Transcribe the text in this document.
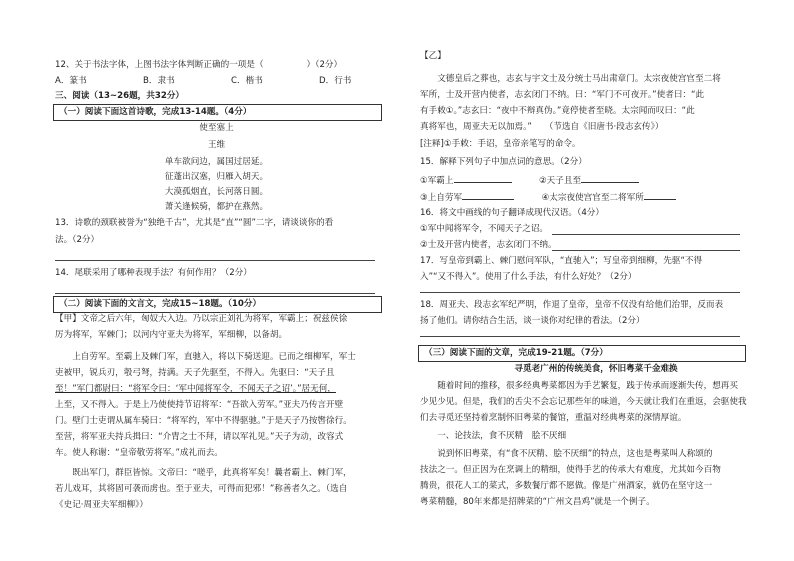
12、关于书法字体，上图书法字体判断正确的一项是（　　　　　）（2分）
A．篆书	B．隶书	C．楷书	D．行书
三、阅读（13~26题，共32分）
（一）阅读下面这首诗歌，完成13-14题。（4分）
使至塞上
王维
单车欲问边，属国过居延。
征蓬出汉塞，归雁入胡天。
大漠孤烟直，长河落日圆。
萧关逢候骑，都护在燕然。
13．诗歌的颈联被誉为“独绝千古”，尤其是“直”“圆”二字，请谈谈你的看
法。（2分）
14．尾联采用了哪种表现手法？有何作用？（2分）
（二）阅读下面的文言文，完成15~18题。（10分）
【甲】文帝之后六年，匈奴大入边。乃以宗正刘礼为将军，军霸上；祝兹侯徐
厉为将军，军棘门；以河内守亚夫为将军，军细柳，以备胡。
　　上自劳军。至霸上及棘门军，直驰入，将以下骑送迎。已而之细柳军，军士
吏被甲，锐兵刃，彀弓弩，持满。天子先驱至，不得入。先驱曰：“天子且
至！”军门都尉曰：“将军令曰：‘军中闻将军令，不闻天子之诏’。”居无何，
上至，又不得入。于是上乃使使持节诏将军：“吾欲入劳军。”亚夫乃传言开壁
门。壁门士吏谓从属车骑曰：“将军约，军中不得驱驰。”于是天子乃按辔徐行。
至营，将军亚夫持兵揖曰：“介胄之士不拜，请以军礼见。”天子为动，改容式
车。使人称谢：“皇帝敬劳将军。”成礼而去。
　　既出军门，群臣皆惊。文帝曰：“嗟乎，此真将军矣！曩者霸上、棘门军，
若儿戏耳，其将固可袭而虏也。至于亚夫，可得而犯邪！”称善者久之。（选自
《史记·周亚夫军细柳》）
【乙】
　　文德皇后之葬也，志玄与宇文士及分统士马出肃章门。太宗夜使宫官至二将
军所，士及开营内使者，志玄闭门不纳。曰：“军门不可夜开。”使者曰：“此
有手敕①。”志玄曰：“夜中不辩真伪。”竟停使者至晓。太宗闻而叹曰：“此
真将军也，周亚夫无以加焉。”　　（节选自《旧唐书·段志玄传》）
[注释]①手敕：手诏，皇帝亲笔写的命令。
15．解释下列句子中加点词的意思。（2分）
①军霸上	②天子且至
③上自劳军	④太宗夜使宫官至二将军所
16．将文中画线的句子翻译成现代汉语。（4分）
①军中闻将军令，不闻天子之诏。
②士及开营内使者，志玄闭门不纳。
17．写皇帝到霸上、棘门慰问军队，“直驰入”；写皇帝到细柳，先驱“不得
入”“又不得入”。使用了什么手法，有什么好处？（2分）
18．周亚夫、段志玄军纪严明，作退了皇帝，皇帝不仅没有给他们治罪，反而表
扬了他们。请你结合生活，谈一谈你对纪律的看法。（2分）
（三）阅读下面的文章，完成19-21题。（7分）
寻觅老广州的传统美食，怀旧粤菜千金难换
　　随着时间的推移，很多经典粤菜都因为手艺繁复，践于传承而逐渐失传，想再买
少见少见。但是，我们的舌尖不会忘记那些年的味道，今天就让我们在重返，会驱使我
们去寻觅还坚持着烹制怀旧粤菜的餐馆，重温对经典粤菜的深情厚谊。
　　一、论技法，食不厌精　脍不厌细
　　说到怀旧粤菜，有“食不厌精、脍不厌细”的特点，这也是粤菜叫人称颂的
技法之一。但正因为在烹调上的精细，使得手艺的传承大有难度，尤其如今百物
腾贵，很花人工的菜式，多数餐厅都不愿做。像是广州酒家，就仍在坚守这一
粤菜精髓，80年来都是招牌菜的“广州文昌鸡”就是一个例子。
